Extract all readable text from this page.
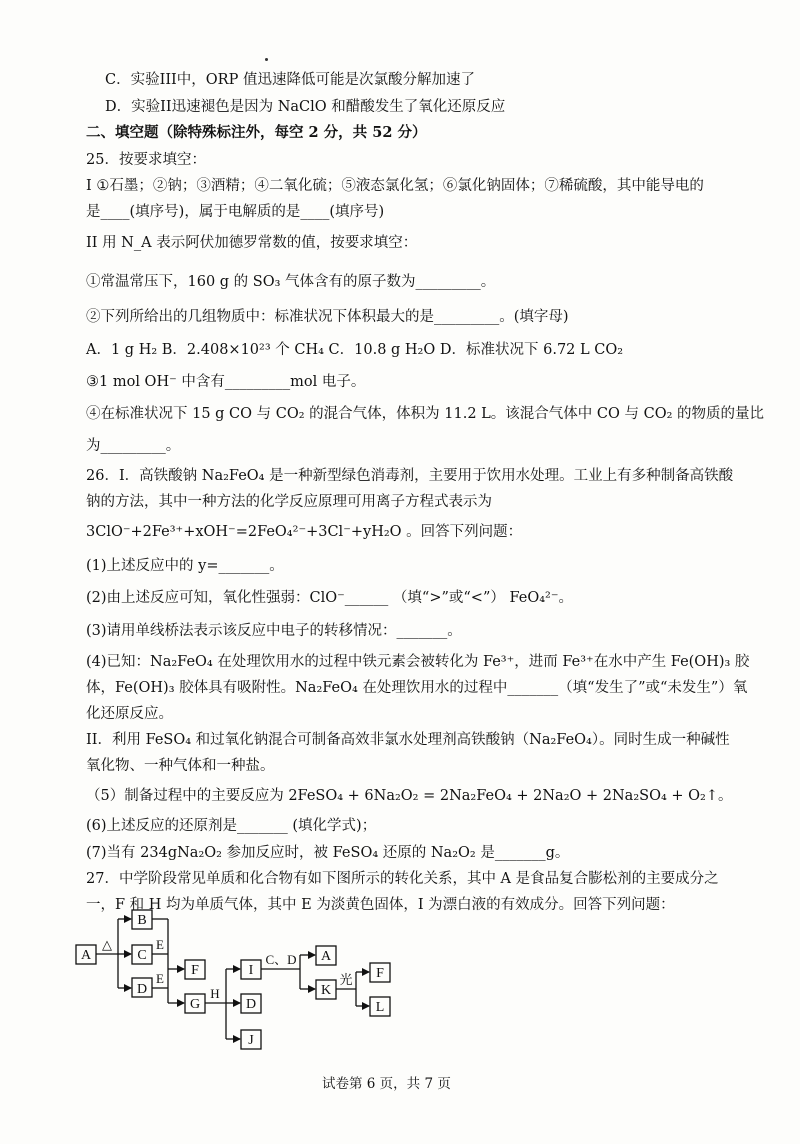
C．实验III中，ORP 值迅速降低可能是次氯酸分解加速了
D．实验II迅速褪色是因为 NaClO 和醋酸发生了氧化还原反应
二、填空题（除特殊标注外，每空 2 分，共 52 分）
25．按要求填空：
I ①石墨；②钠；③酒精；④二氧化硫；⑤液态氯化氢；⑥氯化钠固体；⑦稀硫酸，其中能导电的
是____(填序号)，属于电解质的是____(填序号)
II 用 N_A 表示阿伏加德罗常数的值，按要求填空：
①常温常压下，160 g 的 SO₃ 气体含有的原子数为_________。
②下列所给出的几组物质中：标准状况下体积最大的是_________。(填字母)
A．1 g H₂ B．2.408×10²³ 个 CH₄ C．10.8 g H₂O D．标准状况下 6.72 L CO₂
③1 mol OH⁻ 中含有_________mol 电子。
④在标准状况下 15 g CO 与 CO₂ 的混合气体，体积为 11.2 L。该混合气体中 CO 与 CO₂ 的物质的量比
为_________。
26．I．高铁酸钠 Na₂FeO₄ 是一种新型绿色消毒剂，主要用于饮用水处理。工业上有多种制备高铁酸
钠的方法，其中一种方法的化学反应原理可用离子方程式表示为
3ClO⁻+2Fe³⁺+xOH⁻=2FeO₄²⁻+3Cl⁻+yH₂O 。回答下列问题：
(1)上述反应中的 y=_______。
(2)由上述反应可知，氧化性强弱：ClO⁻______ （填“>”或“<”） FeO₄²⁻。
(3)请用单线桥法表示该反应中电子的转移情况：_______。
(4)已知：Na₂FeO₄ 在处理饮用水的过程中铁元素会被转化为 Fe³⁺，进而 Fe³⁺在水中产生 Fe(OH)₃ 胶
体，Fe(OH)₃ 胶体具有吸附性。Na₂FeO₄ 在处理饮用水的过程中_______（填“发生了”或“未发生”）氧
化还原反应。
II．利用 FeSO₄ 和过氧化钠混合可制备高效非氯水处理剂高铁酸钠（Na₂FeO₄）。同时生成一种碱性
氧化物、一种气体和一种盐。
（5）制备过程中的主要反应为 2FeSO₄ + 6Na₂O₂ = 2Na₂FeO₄ + 2Na₂O + 2Na₂SO₄ + O₂↑。
(6)上述反应的还原剂是_______ (填化学式)；
(7)当有 234gNa₂O₂ 参加反应时，被 FeSO₄ 还原的 Na₂O₂ 是_______g。
27．中学阶段常见单质和化合物有如下图所示的转化关系，其中 A 是食品复合膨松剂的主要成分之
一，F 和 H 均为单质气体，其中 E 为淡黄色固体，I 为漂白液的有效成分。回答下列问题：
A
B
C
D
F
G
I
D
J
A
K
F
L
△	E
E
H
C、D
光
试卷第 6 页，共 7 页
